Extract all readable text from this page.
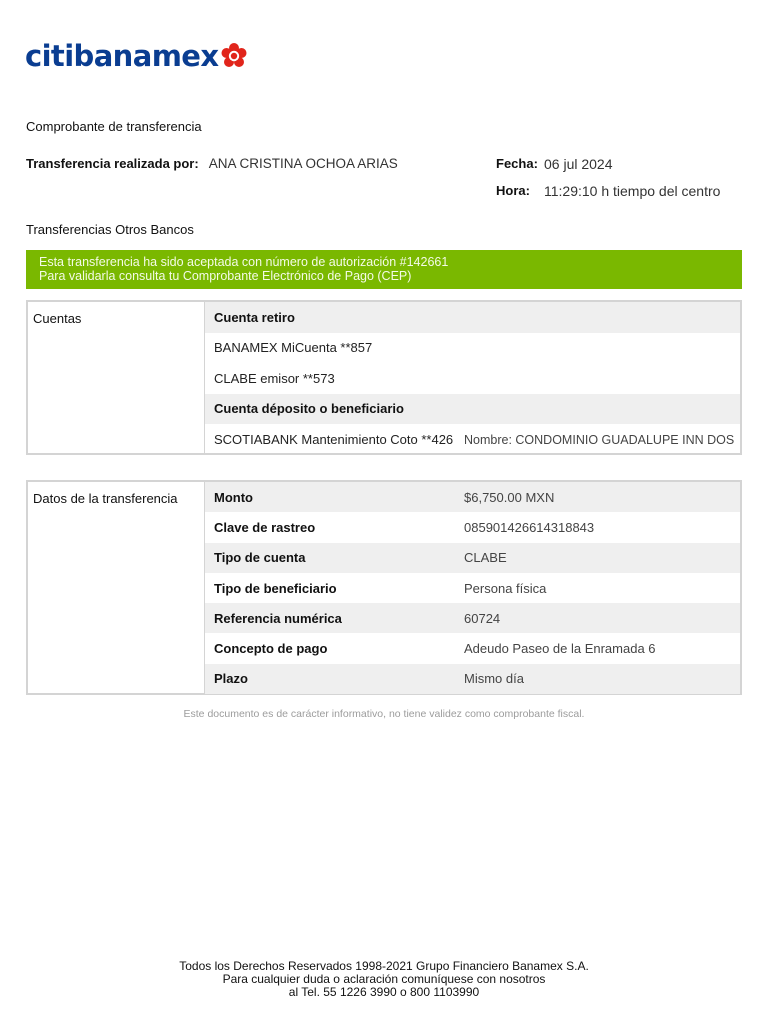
citibanamex
Comprobante de transferencia
Transferencia realizada por: ANA CRISTINA OCHOA ARIAS	Fecha: 06 jul 2024
Hora:	11:29:10 h tiempo del centro
Transferencias Otros Bancos
Esta transferencia ha sido aceptada con número de autorización #142661
Para validarla consulta tu Comprobante Electrónico de Pago (CEP)
Cuentas	Cuenta retiro
BANAMEX MiCuenta **857
CLABE emisor **573
Cuenta déposito o beneficiario
SCOTIABANK Mantenimiento Coto **426 Nombre: CONDOMINIO GUADALUPE INN DOS
Datos de la transferencia	Monto	$6,750.00 MXN
Clave de rastreo	085901426614318843
Tipo de cuenta	CLABE
Tipo de beneficiario	Persona física
Referencia numérica	60724
Concepto de pago	Adeudo Paseo de la Enramada 6
Plazo	Mismo día
Este documento es de carácter informativo, no tiene validez como comprobante fiscal.
Todos los Derechos Reservados 1998-2021 Grupo Financiero Banamex S.A.
Para cualquier duda o aclaración comuníquese con nosotros
al Tel. 55 1226 3990 o 800 1103990
